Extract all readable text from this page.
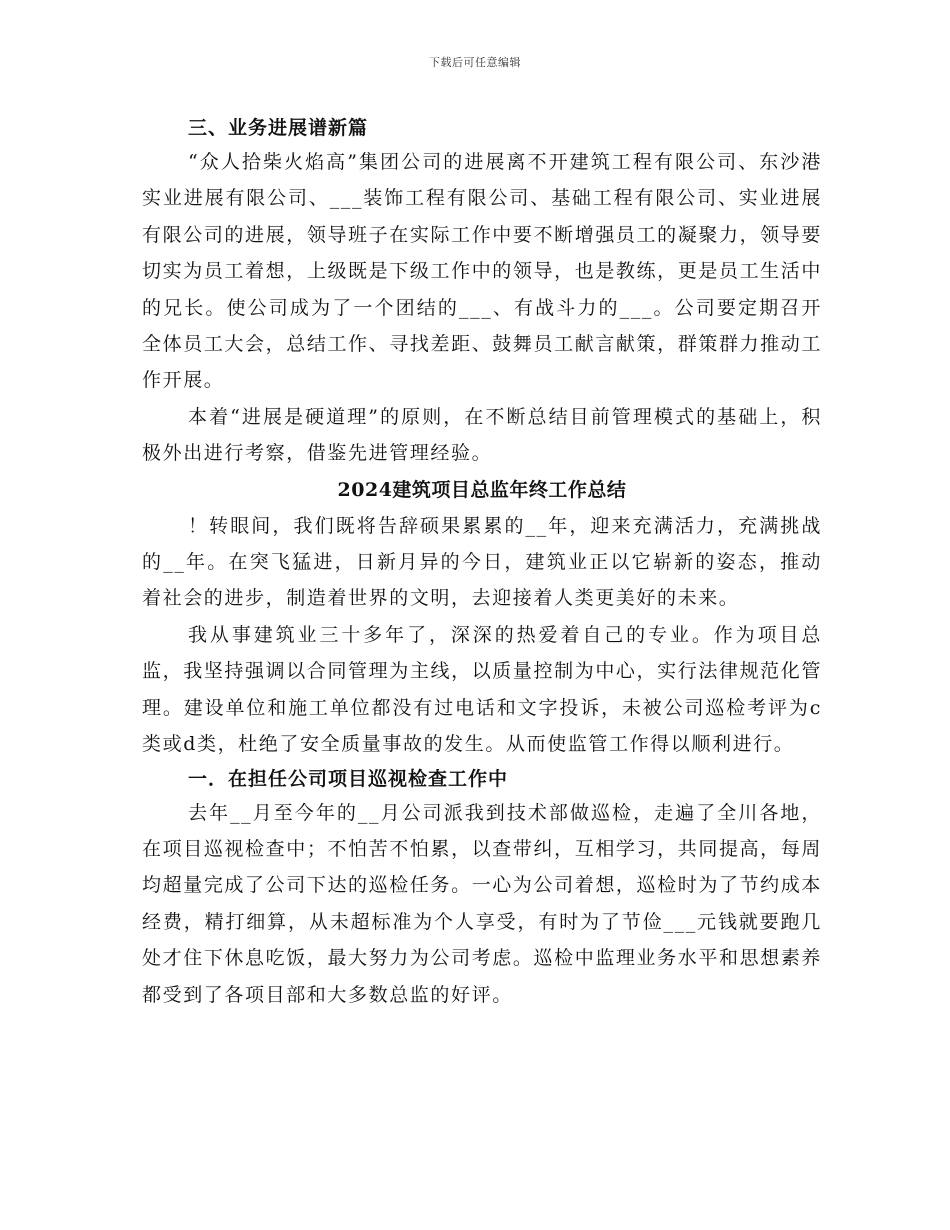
下载后可任意编辑
三、业务进展谱新篇

“众人拾柴火焰高”集团公司的进展离不开建筑工程有限公司、东沙港实业进展有限公司、___装饰工程有限公司、基础工程有限公司、实业进展有限公司的进展，领导班子在实际工作中要不断增强员工的凝聚力，领导要切实为员工着想，上级既是下级工作中的领导，也是教练，更是员工生活中的兄长。使公司成为了一个团结的___、有战斗力的___。公司要定期召开全体员工大会，总结工作、寻找差距、鼓舞员工献言献策，群策群力推动工作开展。

本着“进展是硬道理”的原则，在不断总结目前管理模式的基础上，积极外出进行考察，借鉴先进管理经验。

2024建筑项目总监年终工作总结

！转眼间，我们既将告辞硕果累累的__年，迎来充满活力，充满挑战的__年。在突飞猛进，日新月异的今日，建筑业正以它崭新的姿态，推动着社会的进步，制造着世界的文明，去迎接着人类更美好的未来。

我从事建筑业三十多年了，深深的热爱着自己的专业。作为项目总监，我坚持强调以合同管理为主线，以质量控制为中心，实行法律规范化管理。建设单位和施工单位都没有过电话和文字投诉，未被公司巡检考评为c类或d类，杜绝了安全质量事故的发生。从而使监管工作得以顺利进行。

一．在担任公司项目巡视检查工作中

去年__月至今年的__月公司派我到技术部做巡检，走遍了全川各地，在项目巡视检查中；不怕苦不怕累，以查带纠，互相学习，共同提高，每周均超量完成了公司下达的巡检任务。一心为公司着想，巡检时为了节约成本经费，精打细算，从未超标准为个人享受，有时为了节俭___元钱就要跑几处才住下休息吃饭，最大努力为公司考虑。巡检中监理业务水平和思想素养都受到了各项目部和大多数总监的好评。
